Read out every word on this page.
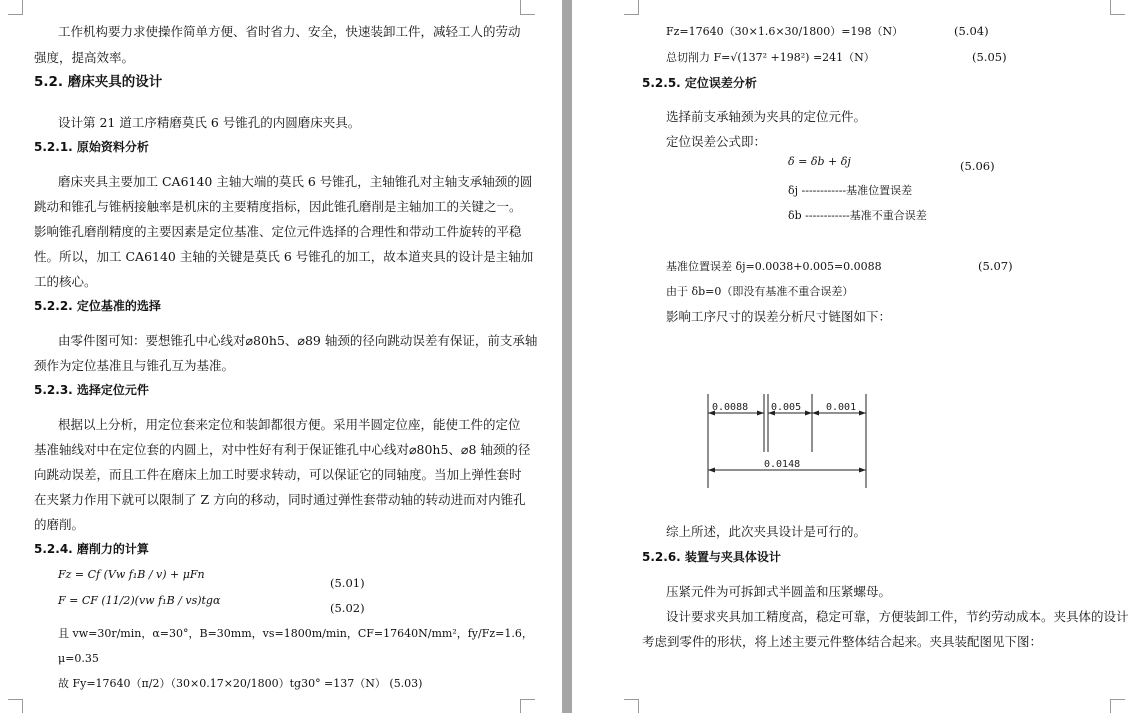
工作机构要力求使操作简单方便、省时省力、安全，快速装卸工件，减轻工人的劳动
强度，提高效率。
5.2. 磨床夹具的设计
设计第 21 道工序精磨莫氏 6 号锥孔的内圆磨床夹具。
5.2.1. 原始资料分析
磨床夹具主要加工 CA6140 主轴大端的莫氏 6 号锥孔，主轴锥孔对主轴支承轴颈的圆
跳动和锥孔与锥柄接触率是机床的主要精度指标，因此锥孔磨削是主轴加工的关键之一。
影响锥孔磨削精度的主要因素是定位基准、定位元件选择的合理性和带动工件旋转的平稳
性。所以，加工 CA6140 主轴的关键是莫氏 6 号锥孔的加工，故本道夹具的设计是主轴加
工的核心。
5.2.2. 定位基准的选择
由零件图可知：要想锥孔中心线对⌀80h5、⌀89 轴颈的径向跳动误差有保证，前支承轴
颈作为定位基准且与锥孔互为基准。
5.2.3. 选择定位元件
根据以上分析，用定位套来定位和装卸都很方便。采用半圆定位座，能使工件的定位
基准轴线对中在定位套的内圆上，对中性好有利于保证锥孔中心线对⌀80h5、⌀8 轴颈的径
向跳动误差，而且工件在磨床上加工时要求转动，可以保证它的同轴度。当加上弹性套时
在夹紧力作用下就可以限制了 Z 方向的移动，同时通过弹性套带动轴的转动进而对内锥孔
的磨削。
5.2.4. 磨削力的计算
Fz = Cf (Vw f₁B / v) + μFn
(5.01)
F = CF (11/2)(vw f₁B / vs)tgα
(5.02)
且 vw=30r/min，α=30°，B=30mm，vs=1800m/min，CF=17640N/mm²，fy/Fz=1.6，
μ=0.35
故 Fy=17640（π/2）（30×0.17×20/1800）tg30° =137（N） (5.03)
Fz=17640（30×1.6×30/1800）=198（N）	(5.04)
总切削力 F=√(137² +198²) =241（N）	(5.05)
5.2.5. 定位误差分析
选择前支承轴颈为夹具的定位元件。
定位误差公式即：
δ = δb + δj	(5.06)
δj ------------基准位置误差
δb ------------基准不重合误差
基准位置误差 δj=0.0038+0.005=0.0088	(5.07)
由于 δb=0（即没有基准不重合误差）
影响工序尺寸的误差分析尺寸链图如下：
综上所述，此次夹具设计是可行的。
5.2.6. 装置与夹具体设计
压紧元件为可拆卸式半圆盖和压紧螺母。
设计要求夹具加工精度高，稳定可靠，方便装卸工件，节约劳动成本。夹具体的设计
考虑到零件的形状，将上述主要元件整体结合起来。夹具装配图见下图：
0.0088 0.005 0.001
0.0148
